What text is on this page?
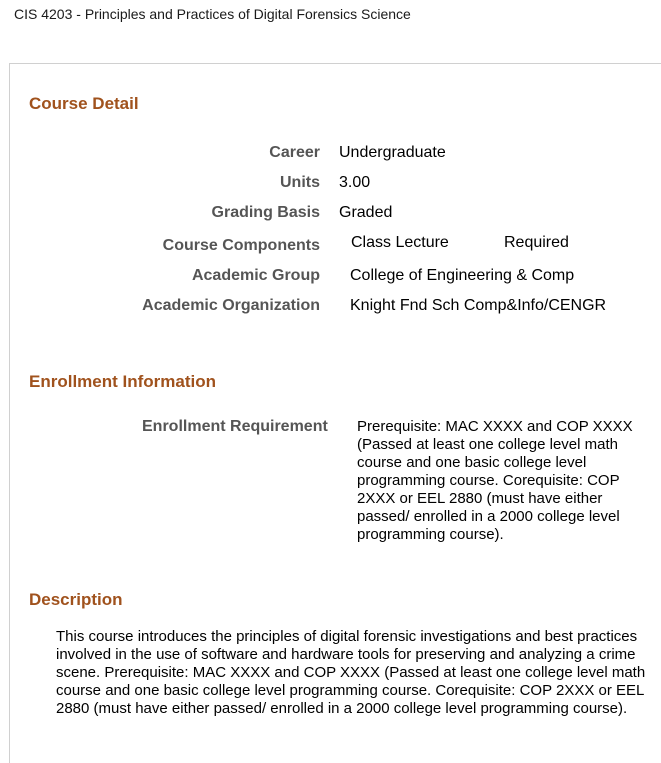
CIS 4203 - Principles and Practices of Digital Forensics Science
Course Detail
Career Undergraduate
Units 3.00
Grading Basis Graded
Course Components Class Lecture	Required
Academic Group College of Engineering & Comp
Academic Organization Knight Fnd Sch Comp&Info/CENGR
Enrollment Information
Enrollment Requirement Prerequisite: MAC XXXX and COP XXXX (Passed at least one college level math course and one basic college level programming course. Corequisite: COP 2XXX or EEL 2880 (must have either passed/ enrolled in a 2000 college level programming course).
Description
This course introduces the principles of digital forensic investigations and best practices involved in the use of software and hardware tools for preserving and analyzing a crime scene. Prerequisite: MAC XXXX and COP XXXX (Passed at least one college level math course and one basic college level programming course. Corequisite: COP 2XXX or EEL 2880 (must have either passed/ enrolled in a 2000 college level programming course).
